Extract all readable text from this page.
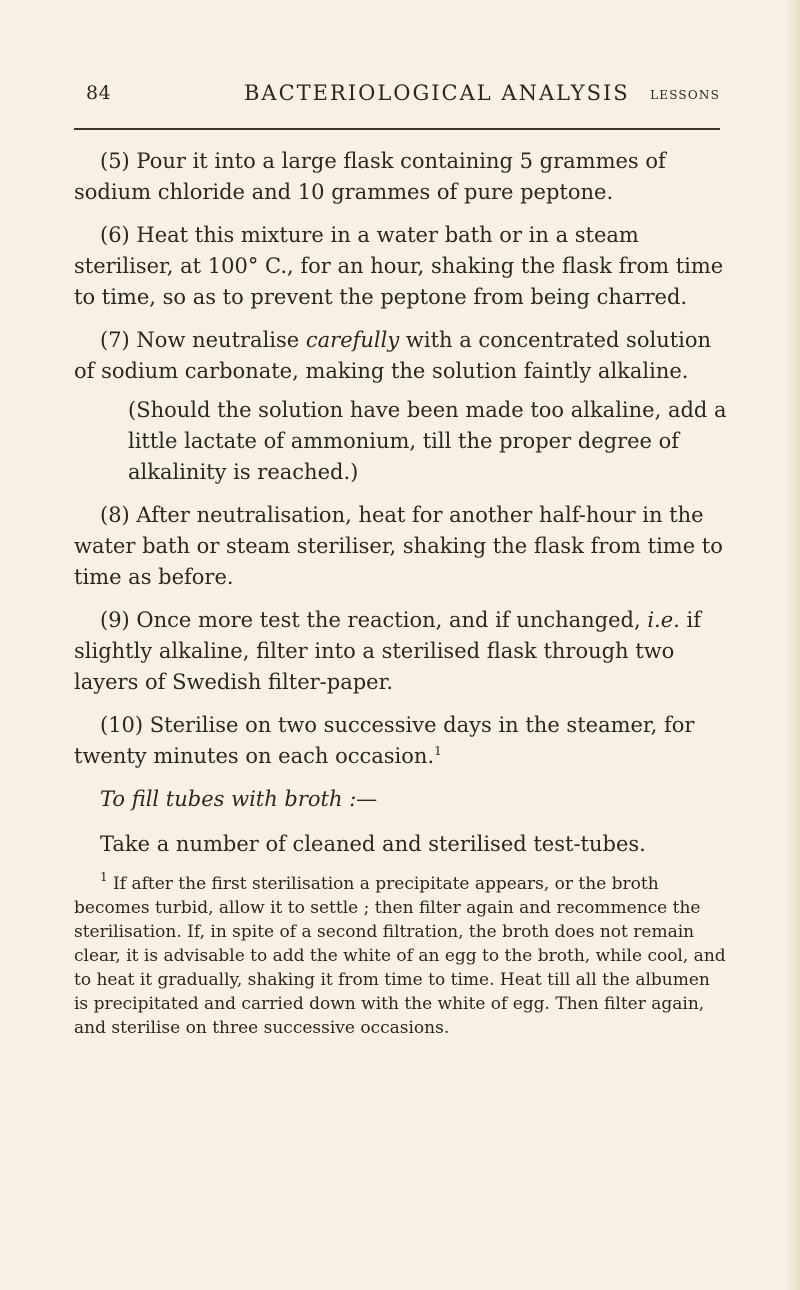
84	BACTERIOLOGICAL ANALYSIS LESSONS

(5) Pour it into a large flask containing 5 grammes of sodium chloride and 10 grammes of pure peptone.

(6) Heat this mixture in a water bath or in a steam steriliser, at 100° C., for an hour, shaking the flask from time to time, so as to prevent the peptone from being charred.

(7) Now neutralise carefully with a concentrated solution of sodium carbonate, making the solution faintly alkaline.

(Should the solution have been made too alkaline, add a little lactate of ammonium, till the proper degree of alkalinity is reached.)

(8) After neutralisation, heat for another half-hour in the water bath or steam steriliser, shaking the flask from time to time as before.

(9) Once more test the reaction, and if unchanged, i.e. if slightly alkaline, filter into a sterilised flask through two layers of Swedish filter-paper.

(10) Sterilise on two successive days in the steamer, for twenty minutes on each occasion.$^1$

To fill tubes with broth :—

Take a number of cleaned and sterilised test-tubes.

$^1$ If after the first sterilisation a precipitate appears, or the broth becomes turbid, allow it to settle ; then filter again and recommence the sterilisation. If, in spite of a second filtration, the broth does not remain clear, it is advisable to add the white of an egg to the broth, while cool, and to heat it gradually, shaking it from time to time. Heat till all the albumen is precipitated and carried down with the white of egg. Then filter again, and sterilise on three successive occasions.
